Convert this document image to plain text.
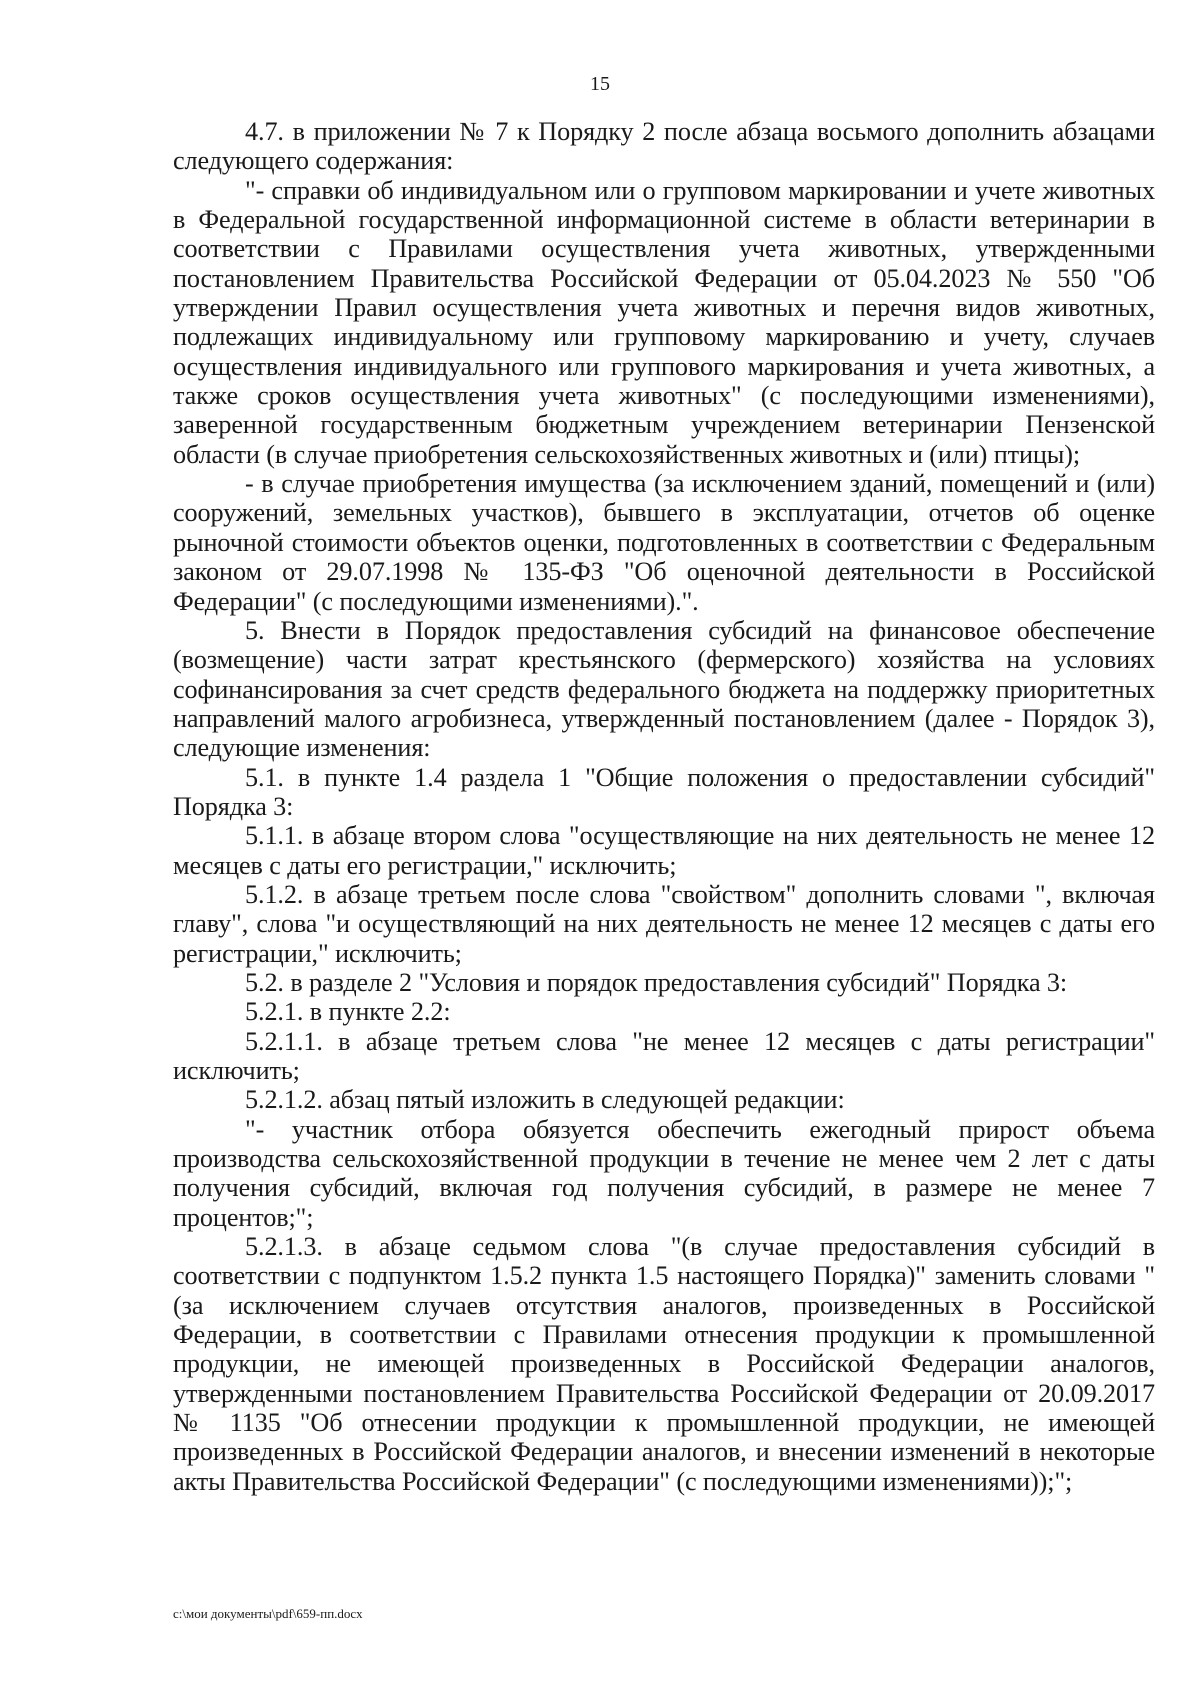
15

4.7. в приложении № 7 к Порядку 2 после абзаца восьмого дополнить абзацами следующего содержания:

"- справки об индивидуальном или о групповом маркировании и учете животных в Федеральной государственной информационной системе в области ветеринарии в соответствии с Правилами осуществления учета животных, утвержденными постановлением Правительства Российской Федерации от 05.04.2023 № 550 "Об утверждении Правил осуществления учета животных и перечня видов животных, подлежащих индивидуальному или групповому маркированию и учету, случаев осуществления индивидуального или группового маркирования и учета животных, а также сроков осуществления учета животных" (с последующими изменениями), заверенной государственным бюджетным учреждением ветеринарии Пензенской области (в случае приобретения сельскохозяйственных животных и (или) птицы);

- в случае приобретения имущества (за исключением зданий, помещений и (или) сооружений, земельных участков), бывшего в эксплуатации, отчетов об оценке рыночной стоимости объектов оценки, подготовленных в соответствии с Федеральным законом от 29.07.1998 № 135-ФЗ "Об оценочной деятельности в Российской Федерации" (с последующими изменениями).".

5. Внести в Порядок предоставления субсидий на финансовое обеспечение (возмещение) части затрат крестьянского (фермерского) хозяйства на условиях софинансирования за счет средств федерального бюджета на поддержку приоритетных направлений малого агробизнеса, утвержденный постановлением (далее - Порядок 3), следующие изменения:

5.1. в пункте 1.4 раздела 1 "Общие положения о предоставлении субсидий" Порядка 3:

5.1.1. в абзаце втором слова "осуществляющие на них деятельность не менее 12 месяцев с даты его регистрации," исключить;

5.1.2. в абзаце третьем после слова "свойством" дополнить словами ", включая главу", слова "и осуществляющий на них деятельность не менее 12 месяцев с даты его регистрации," исключить;

5.2. в разделе 2 "Условия и порядок предоставления субсидий" Порядка 3:

5.2.1. в пункте 2.2:

5.2.1.1. в абзаце третьем слова "не менее 12 месяцев с даты регистрации" исключить;

5.2.1.2. абзац пятый изложить в следующей редакции:

"- участник отбора обязуется обеспечить ежегодный прирост объема производства сельскохозяйственной продукции в течение не менее чем 2 лет с даты получения субсидий, включая год получения субсидий, в размере не менее 7 процентов;";

5.2.1.3. в абзаце седьмом слова "(в случае предоставления субсидий в соответствии с подпунктом 1.5.2 пункта 1.5 настоящего Порядка)" заменить словами "(за исключением случаев отсутствия аналогов, произведенных в Российской Федерации, в соответствии с Правилами отнесения продукции к промышленной продукции, не имеющей произведенных в Российской Федерации аналогов, утвержденными постановлением Правительства Российской Федерации от 20.09.2017 № 1135 "Об отнесении продукции к промышленной продукции, не имеющей произведенных в Российской Федерации аналогов, и внесении изменений в некоторые акты Правительства Российской Федерации" (с последующими изменениями));";

c:\мои документы\pdf\659-пп.docx
